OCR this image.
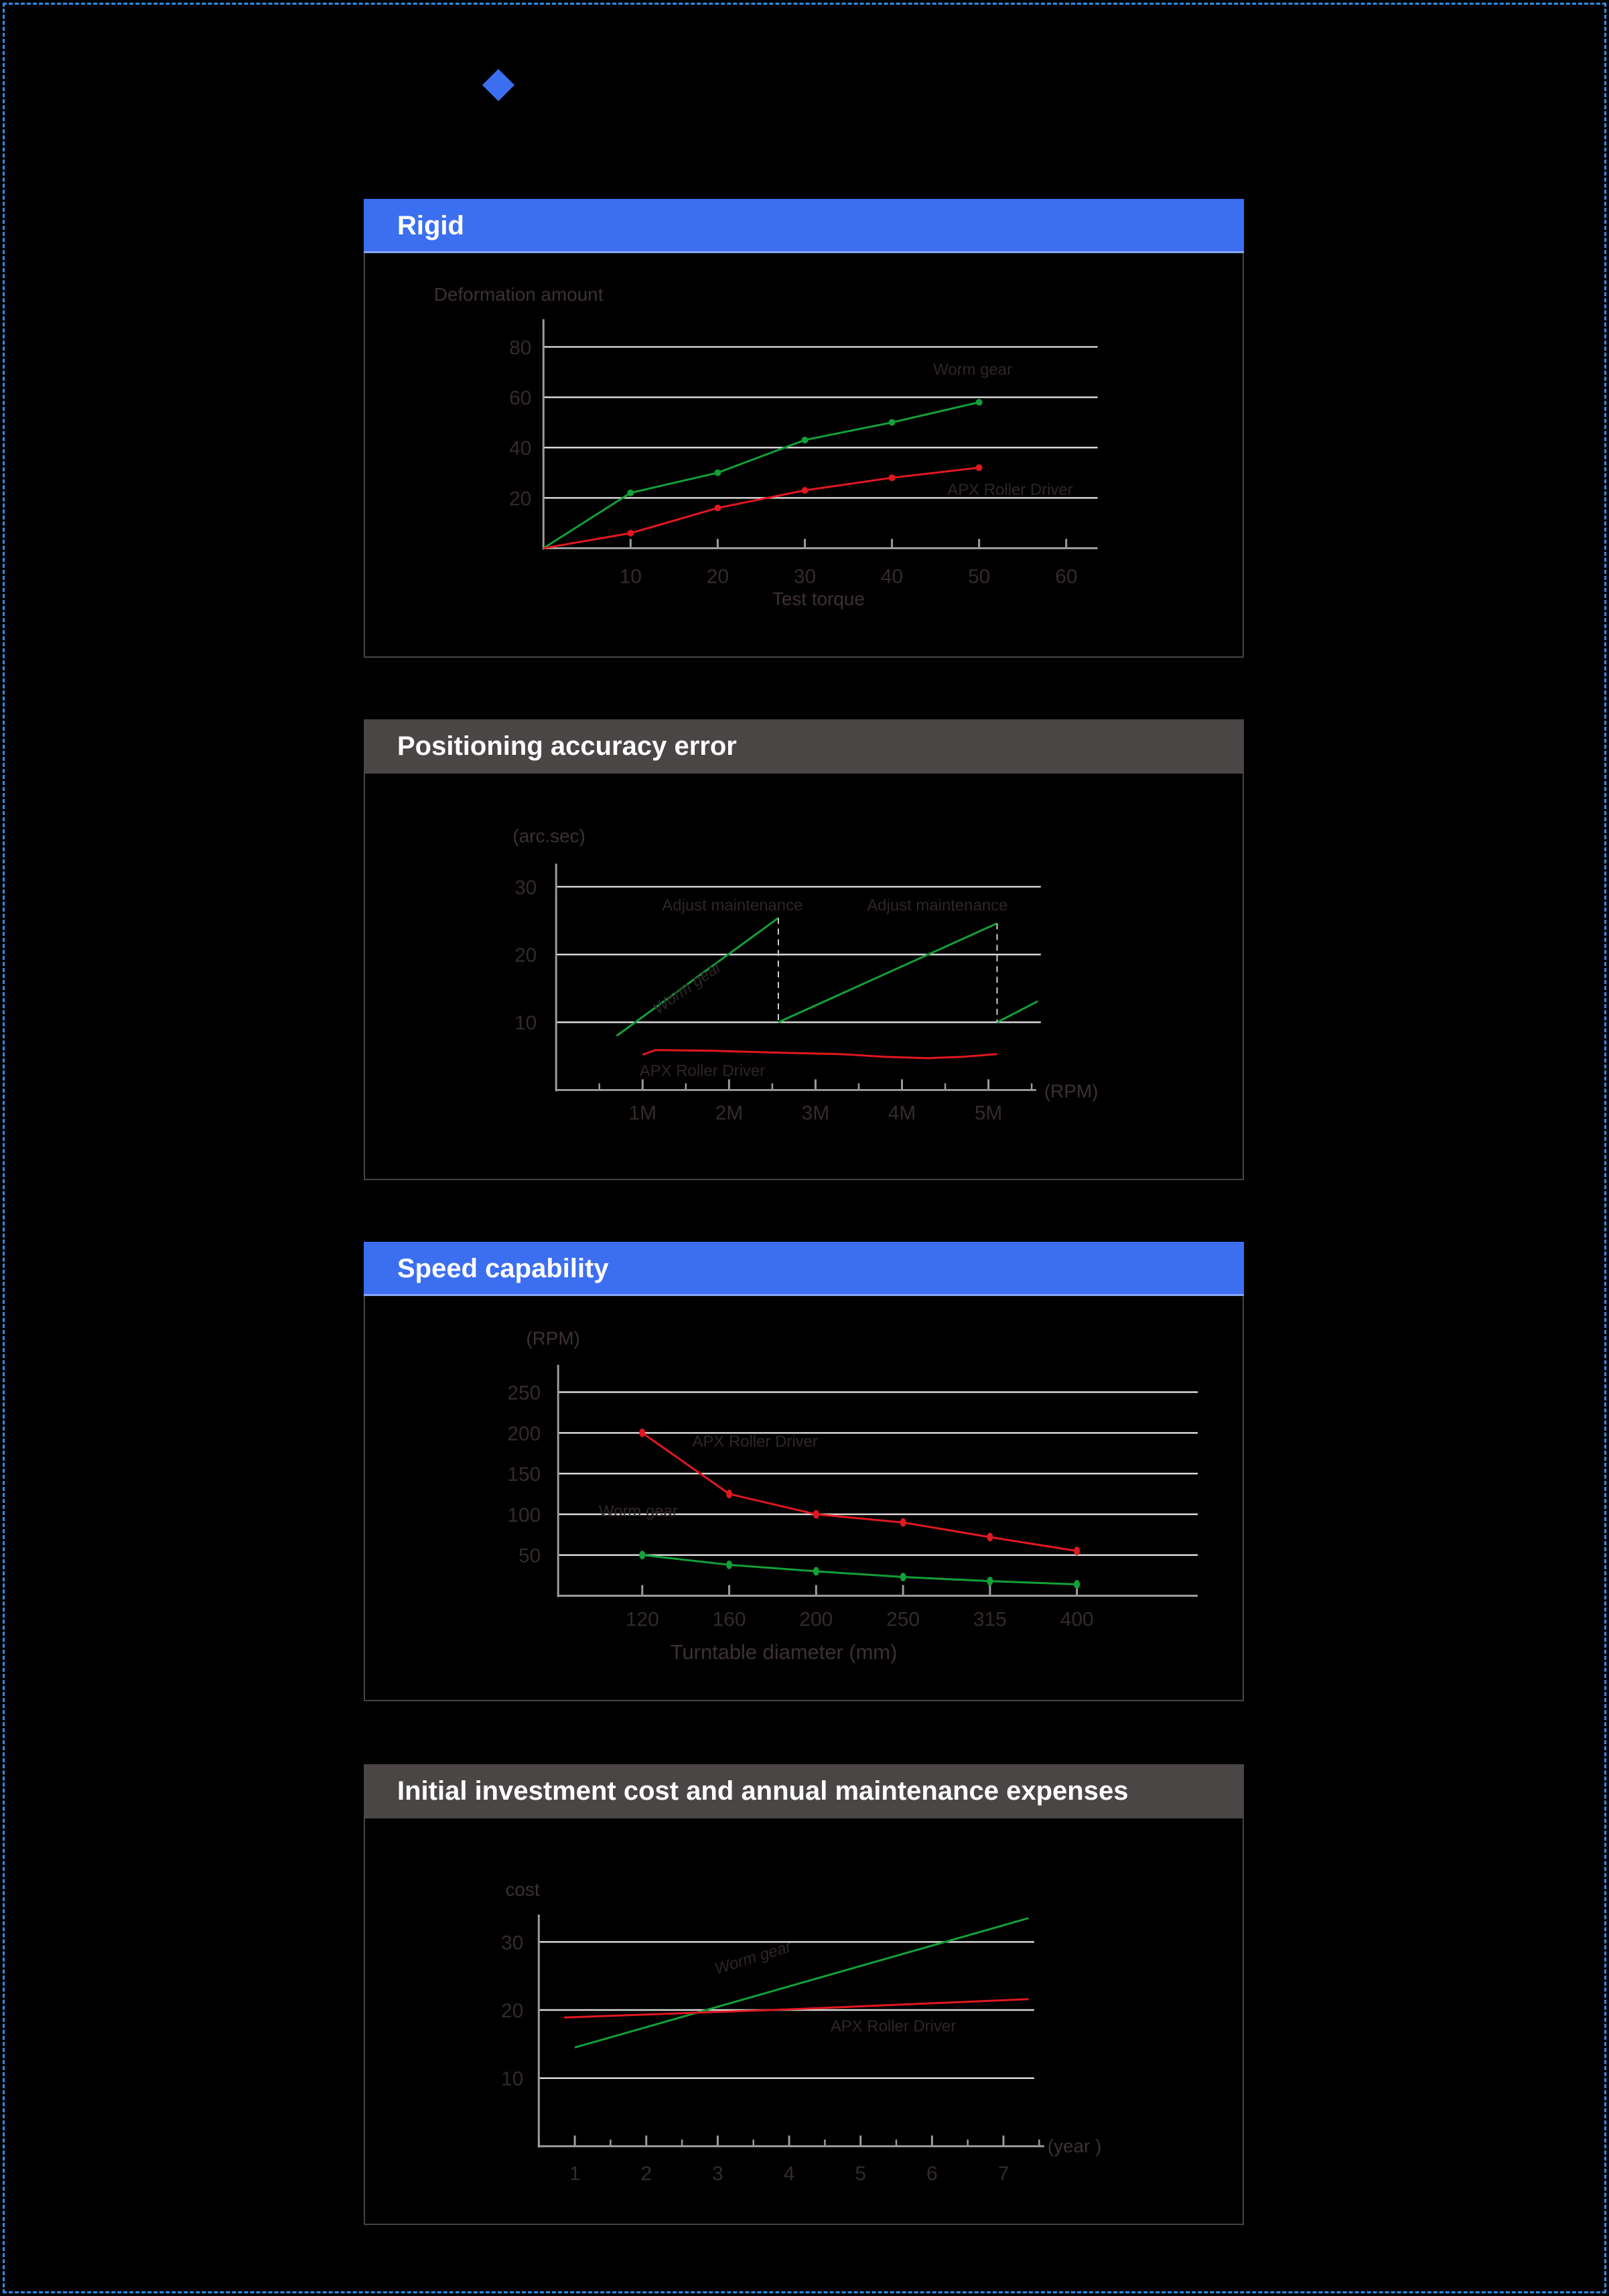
Rigid
10	20	30	40	50	60
20
40
60
80
Deformation amount
Test torque
Worm gear
APX Roller Driver
Positioning accuracy error
1M	2M	3M	4M	5M
10
20
30
(arc.sec)
(RPM)
Adjust maintenance	Adjust maintenance
Worm gear
APX Roller Driver
Speed capability
120	160	200	250	315	400
50
100
150
200
250
(RPM)
Turntable diameter (mm)
APX Roller Driver
Worm gear
Initial investment cost and annual maintenance expenses
1	2	3	4	5	6	7
10
20
30
cost
(year )
Worm gear
APX Roller Driver
